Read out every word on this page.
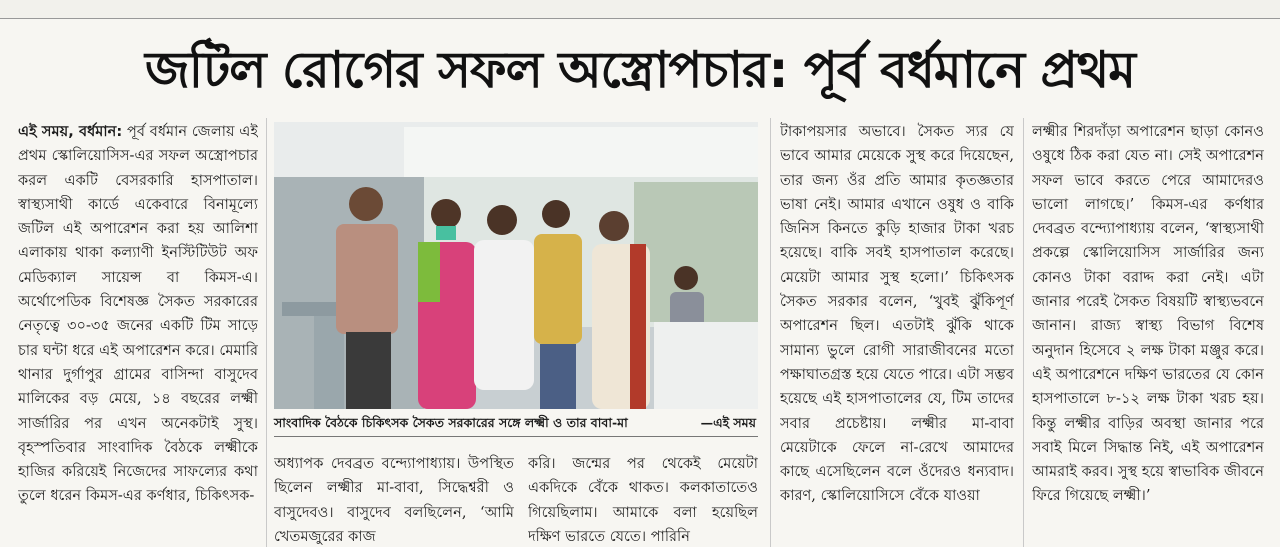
জটিল রোগের সফল অস্ত্রোপচার: পূর্ব বর্ধমানে প্রথম

এই সময়, বর্ধমান: পূর্ব বর্ধমান জেলায় এই প্রথম স্কোলিয়োসিস-এর সফল অস্ত্রোপচার করল একটি বেসরকারি হাসপাতাল। স্বাস্থ্যসাথী কার্ডে একেবারে বিনামূল্যে জটিল এই অপারেশন করা হয় আলিশা এলাকায় থাকা কল্যাণী ইনস্টিটিউট অফ মেডিক্যাল সায়েন্স বা কিমস-এ। অর্থোপেডিক বিশেষজ্ঞ সৈকত সরকারের নেতৃত্বে ৩০-৩৫ জনের একটি টিম সাড়ে চার ঘন্টা ধরে এই অপারেশন করে। মেমারি থানার দুর্গাপুর গ্রামের বাসিন্দা বাসুদেব মালিকের বড় মেয়ে, ১৪ বছরের লক্ষ্মী সার্জারির পর এখন অনেকটাই সুস্থ। বৃহস্পতিবার সাংবাদিক বৈঠকে লক্ষ্মীকে হাজির করিয়েই নিজেদের সাফল্যের কথা তুলে ধরেন কিমস-এর কর্ণধার, চিকিৎসক-

সাংবাদিক বৈঠকে চিকিৎসক সৈকত সরকারের সঙ্গে লক্ষ্মী ও তার বাবা-মা	—এই সময়

অধ্যাপক দেবব্রত বন্দ্যোপাধ্যায়। উপস্থিত ছিলেন লক্ষ্মীর মা-বাবা, সিদ্ধেশ্বরী ও বাসুদেবও। বাসুদেব বলছিলেন, ‘আমি খেতমজুরের কাজ

করি। জন্মের পর থেকেই মেয়েটা একদিকে বেঁকে থাকত। কলকাতাতেও গিয়েছিলাম। আমাকে বলা হয়েছিল দক্ষিণ ভারতে যেতে। পারিনি

টাকাপয়সার অভাবে। সৈকত স্যর যে ভাবে আমার মেয়েকে সুস্থ করে দিয়েছেন, তার জন্য ওঁর প্রতি আমার কৃতজ্ঞতার ভাষা নেই। আমার এখানে ওষুধ ও বাকি জিনিস কিনতে কুড়ি হাজার টাকা খরচ হয়েছে। বাকি সবই হাসপাতাল করেছে। মেয়েটা আমার সুস্থ হলো।’ চিকিৎসক সৈকত সরকার বলেন, ‘খুবই ঝুঁকিপূর্ণ অপারেশন ছিল। এতটাই ঝুঁকি থাকে সামান্য ভুলে রোগী সারাজীবনের মতো পক্ষাঘাতগ্রস্ত হয়ে যেতে পারে। এটা সম্ভব হয়েছে এই হাসপাতালের যে, টিম তাদের সবার প্রচেষ্টায়। লক্ষ্মীর মা-বাবা মেয়েটাকে ফেলে না-রেখে আমাদের কাছে এসেছিলেন বলে ওঁদেরও ধন্যবাদ। কারণ, স্কোলিয়োসিসে বেঁকে যাওয়া

লক্ষ্মীর শিরদাঁড়া অপারেশন ছাড়া কোনও ওষুধে ঠিক করা যেত না। সেই অপারেশন সফল ভাবে করতে পেরে আমাদেরও ভালো লাগছে।’ কিমস-এর কর্ণধার দেবব্রত বন্দ্যোপাধ্যায় বলেন, ‘স্বাস্থ্যসাথী প্রকল্পে স্কোলিয়োসিস সার্জারির জন্য কোনও টাকা বরাদ্দ করা নেই। এটা জানার পরেই সৈকত বিষয়টি স্বাস্থ্যভবনে জানান। রাজ্য স্বাস্থ্য বিভাগ বিশেষ অনুদান হিসেবে ২ লক্ষ টাকা মঞ্জুর করে। এই অপারেশনে দক্ষিণ ভারতের যে কোন হাসপাতালে ৮-১২ লক্ষ টাকা খরচ হয়। কিন্তু লক্ষ্মীর বাড়ির অবস্থা জানার পরে সবাই মিলে সিদ্ধান্ত নিই, এই অপারেশন আমরাই করব। সুস্থ হয়ে স্বাভাবিক জীবনে ফিরে গিয়েছে লক্ষ্মী।’
